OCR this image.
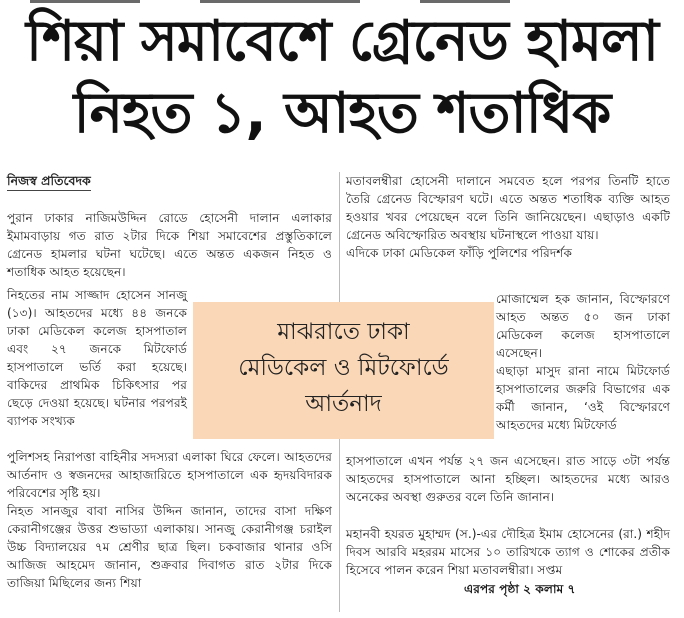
শিয়া সমাবেশে গ্রেনেড হামলা
নিহত ১, আহত শতাধিক
নিজস্ব প্রতিবেদক

পুরান ঢাকার নাজিমউদ্দিন রোডে হোসেনী দালান এলাকার ইমামবাড়ায় গত রাত ২টার দিকে শিয়া সমাবেশের প্রস্তুতিকালে গ্রেনেড হামলার ঘটনা ঘটেছে। এতে অন্তত একজন নিহত ও শতাধিক আহত হয়েছেন।

নিহতের নাম সাজ্জাদ হোসেন সানজু (১৩)। আহতদের মধ্যে ৪৪ জনকে ঢাকা মেডিকেল কলেজ হাসপাতাল এবং ২৭ জনকে মিটফোর্ড হাসপাতালে ভর্তি করা হয়েছে। বাকিদের প্রাথমিক চিকিৎসার পর ছেড়ে দেওয়া হয়েছে। ঘটনার পরপরই ব্যাপক সংখ্যক
পুলিশসহ নিরাপত্তা বাহিনীর সদস্যরা এলাকা ঘিরে ফেলে। আহতদের আর্তনাদ ও স্বজনদের আহাজারিতে হাসপাতালে এক হৃদয়বিদারক পরিবেশের সৃষ্টি হয়।
নিহত সানজুর বাবা নাসির উদ্দিন জানান, তাদের বাসা দক্ষিণ কেরানীগঞ্জের উত্তর শুভাড্যা এলাকায়। সানজু কেরানীগঞ্জ চরাইল উচ্চ বিদ্যালয়ের ৭ম শ্রেণীর ছাত্র ছিল। চকবাজার থানার ওসি আজিজ আহমেদ জানান, শুক্রবার দিবাগত রাত ২টার দিকে তাজিয়া মিছিলের জন্য শিয়া

মতাবলম্বীরা হোসেনী দালানে সমবেত হলে পরপর তিনটি হাতে তৈরি গ্রেনেড বিস্ফোরণ ঘটে। এতে অন্তত শতাধিক ব্যক্তি আহত হওয়ার খবর পেয়েছেন বলে তিনি জানিয়েছেন। এছাড়াও একটি গ্রেনেড অবিস্ফোরিত অবস্থায় ঘটনাস্থলে পাওয়া যায়।

এদিকে ঢাকা মেডিকেল ফাঁড়ি পুলিশের পরিদর্শক

মোজাম্মেল হক জানান, বিস্ফোরণে আহত অন্তত ৫০ জন ঢাকা মেডিকেল কলেজ হাসপাতালে এসেছেন।
এছাড়া মাসুদ রানা নামে মিটফোর্ড হাসপাতালের জরুরি বিভাগের এক কর্মী জানান, ‘ওই বিস্ফোরণে আহতদের মধ্যে মিটফোর্ড
হাসপাতালে এখন পর্যন্ত ২৭ জন এসেছেন। রাত সাড়ে ৩টা পর্যন্ত আহতদের হাসপাতালে আনা হচ্ছিল। আহতদের মধ্যে আরও অনেকের অবস্থা গুরুতর বলে তিনি জানান।
মহানবী হযরত মুহাম্মদ (স.)-এর দৌহিত্র ইমাম হোসেনের (রা.) শহীদ দিবস আরবি মহররম মাসের ১০ তারিখকে ত্যাগ ও শোকের প্রতীক হিসেবে পালন করেন শিয়া মতাবলম্বীরা। সপ্তম
মাঝরাতে ঢাকা
মেডিকেল ও মিটফোর্ডে
আর্তনাদ
এরপর পৃষ্ঠা ২ কলাম ৭
